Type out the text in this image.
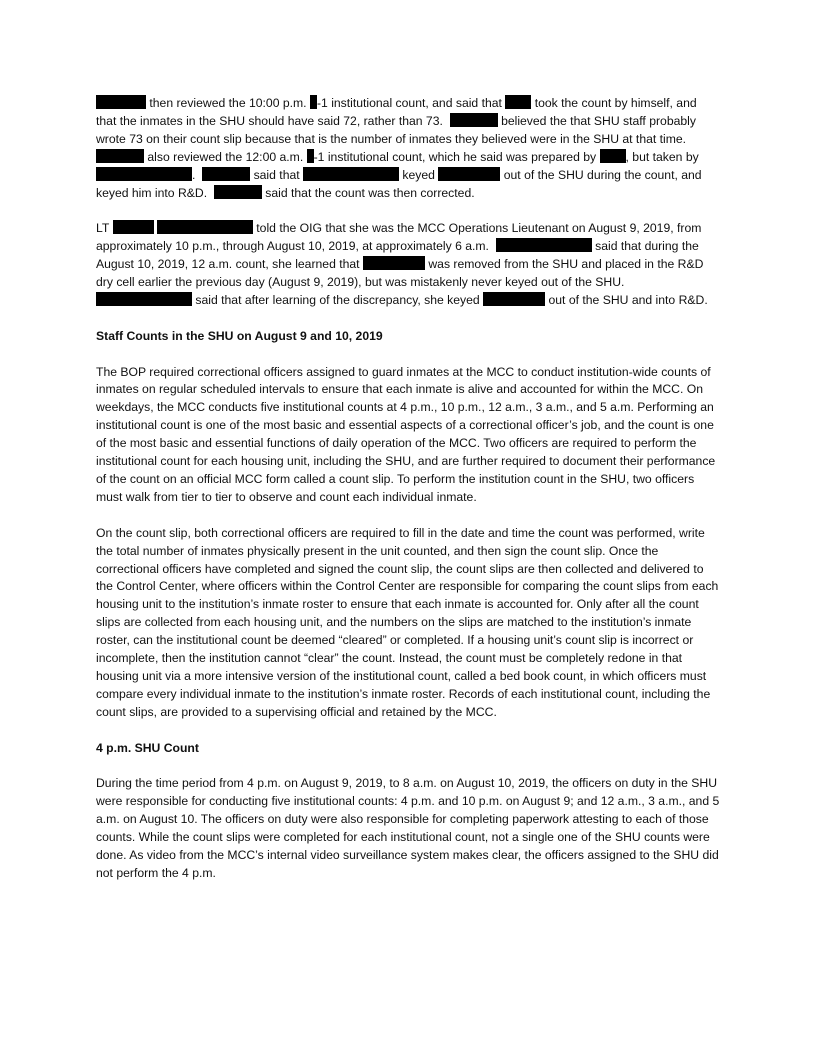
then reviewed the 10:00 p.m. -1 institutional count, and said that	took the count by himself, and that the inmates in the SHU should have said 72, rather than 73.	believed the that SHU staff probably wrote 73 on their count slip because that is the number of inmates they believed were in the SHU at that time.   also reviewed the 12:00 a.m. -1 institutional count, which he said was prepared by , but taken by .	said that	keyed	out of the SHU during the count, and keyed him into R&D.	said that the count was then corrected.

LT	told the OIG that she was the MCC Operations Lieutenant on August 9, 2019, from approximately 10 p.m., through August 10, 2019, at approximately 6 a.m.	said that during the August 10, 2019, 12 a.m. count, she learned that	was removed from the SHU and placed in the R&D dry cell earlier the previous day (August 9, 2019), but was mistakenly never keyed out of the SHU.   said that after learning of the discrepancy, she keyed	out of the SHU and into R&D.

Staff Counts in the SHU on August 9 and 10, 2019

The BOP required correctional officers assigned to guard inmates at the MCC to conduct institution-wide counts of inmates on regular scheduled intervals to ensure that each inmate is alive and accounted for within the MCC. On weekdays, the MCC conducts five institutional counts at 4 p.m., 10 p.m., 12 a.m., 3 a.m., and 5 a.m. Performing an institutional count is one of the most basic and essential aspects of a correctional officer’s job, and the count is one of the most basic and essential functions of daily operation of the MCC. Two officers are required to perform the institutional count for each housing unit, including the SHU, and are further required to document their performance of the count on an official MCC form called a count slip. To perform the institution count in the SHU, two officers must walk from tier to tier to observe and count each individual inmate.

On the count slip, both correctional officers are required to fill in the date and time the count was performed, write the total number of inmates physically present in the unit counted, and then sign the count slip. Once the correctional officers have completed and signed the count slip, the count slips are then collected and delivered to the Control Center, where officers within the Control Center are responsible for comparing the count slips from each housing unit to the institution’s inmate roster to ensure that each inmate is accounted for. Only after all the count slips are collected from each housing unit, and the numbers on the slips are matched to the institution’s inmate roster, can the institutional count be deemed “cleared” or completed. If a housing unit’s count slip is incorrect or incomplete, then the institution cannot “clear” the count. Instead, the count must be completely redone in that housing unit via a more intensive version of the institutional count, called a bed book count, in which officers must compare every individual inmate to the institution’s inmate roster. Records of each institutional count, including the count slips, are provided to a supervising official and retained by the MCC.

4 p.m. SHU Count

During the time period from 4 p.m. on August 9, 2019, to 8 a.m. on August 10, 2019, the officers on duty in the SHU were responsible for conducting five institutional counts: 4 p.m. and 10 p.m. on August 9; and 12 a.m., 3 a.m., and 5 a.m. on August 10. The officers on duty were also responsible for completing paperwork attesting to each of those counts. While the count slips were completed for each institutional count, not a single one of the SHU counts were done. As video from the MCC’s internal video surveillance system makes clear, the officers assigned to the SHU did not perform the 4 p.m.
